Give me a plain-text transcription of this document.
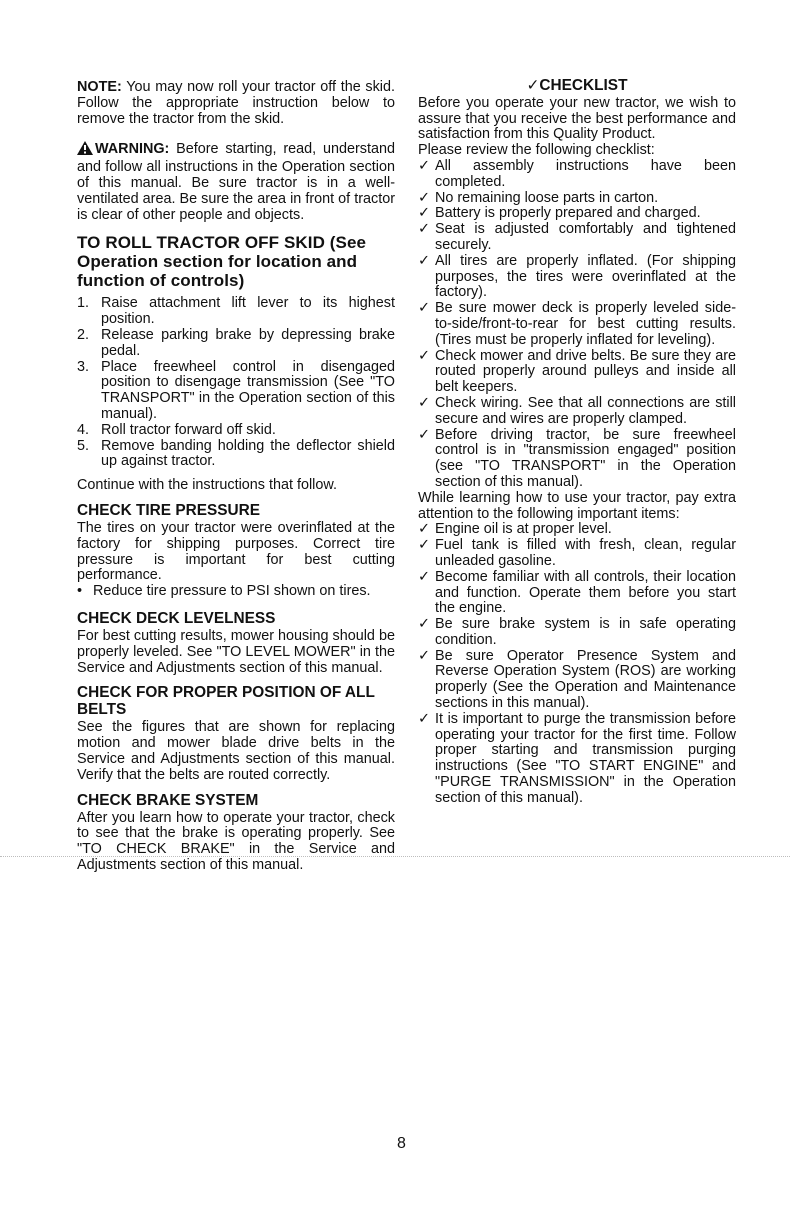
NOTE: You may now roll your tractor off the skid. Follow the appropriate instruction below to remove the tractor from the skid.

WARNING: Before starting, read, understand and follow all instructions in the Operation section of this manual. Be sure tractor is in a well-ventilated area. Be sure the area in front of tractor is clear of other people and objects.

TO ROLL TRACTOR OFF SKID (See Operation section for location and function of controls)
1. Raise attachment lift lever to its highest position.
2. Release parking brake by depressing brake pedal.
3. Place freewheel control in disengaged position to disengage transmission (See "TO TRANSPORT" in the Operation section of this manual).
4. Roll tractor forward off skid.
5. Remove banding holding the deflector shield up against tractor.

Continue with the instructions that follow.

CHECK TIRE PRESSURE

The tires on your tractor were overinflated at the factory for shipping purposes. Correct tire pressure is important for best cutting performance.

• Reduce tire pressure to PSI shown on tires.
CHECK DECK LEVELNESS

For best cutting results, mower housing should be properly leveled. See "TO LEVEL MOWER" in the Service and Adjustments section of this manual.

CHECK FOR PROPER POSITION OF ALL BELTS

See the figures that are shown for replacing motion and mower blade drive belts in the Service and Adjustments section of this manual. Verify that the belts are routed correctly.

CHECK BRAKE SYSTEM

After you learn how to operate your tractor, check to see that the brake is operating properly. See "TO CHECK BRAKE" in the Service and Adjustments section of this manual.

✓CHECKLIST

Before you operate your new tractor, we wish to assure that you receive the best performance and satisfaction from this Quality Product.

Please review the following checklist:

✓ All assembly instructions have been completed.
✓ No remaining loose parts in carton.
✓ Battery is properly prepared and charged.
✓ Seat is adjusted comfortably and tightened securely.
✓ All tires are properly inflated. (For shipping purposes, the tires were overinflated at the factory).
✓ Be sure mower deck is properly leveled side-to-side/front-to-rear for best cutting results. (Tires must be properly inflated for leveling).
✓ Check mower and drive belts. Be sure they are routed properly around pulleys and inside all belt keepers.
✓ Check wiring. See that all connections are still secure and wires are properly clamped.
✓ Before driving tractor, be sure freewheel control is in "transmission engaged" position (see "TO TRANSPORT" in the Operation section of this manual).

While learning how to use your tractor, pay extra attention to the following important items:

✓ Engine oil is at proper level.
✓ Fuel tank is filled with fresh, clean, regular unleaded gasoline.
✓ Become familiar with all controls, their location and function. Operate them before you start the engine.
✓ Be sure brake system is in safe operating condition.
✓ Be sure Operator Presence System and Reverse Operation System (ROS) are working properly (See the Operation and Maintenance sections in this manual).
✓ It is important to purge the transmission before operating your tractor for the first time. Follow proper starting and transmission purging instructions (See "TO START ENGINE" and "PURGE TRANSMISSION" in the Operation section of this manual).
8
